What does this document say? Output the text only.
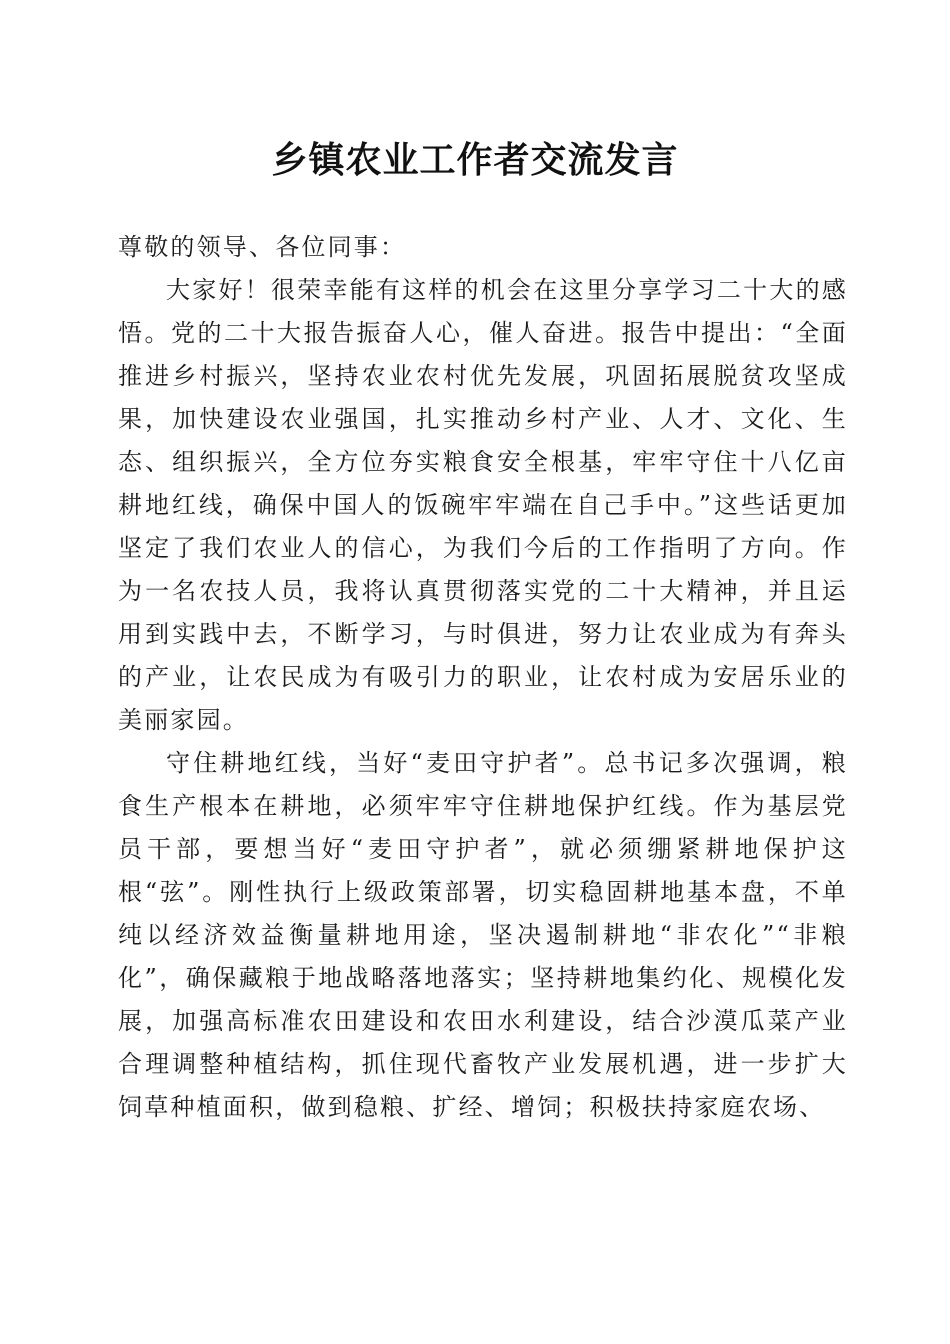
乡镇农业工作者交流发言

尊敬的领导、各位同事：

大家好！很荣幸能有这样的机会在这里分享学习二十大的感悟。党的二十大报告振奋人心，催人奋进。报告中提出：“全面推进乡村振兴，坚持农业农村优先发展，巩固拓展脱贫攻坚成果，加快建设农业强国，扎实推动乡村产业、人才、文化、生态、组织振兴，全方位夯实粮食安全根基，牢牢守住十八亿亩耕地红线，确保中国人的饭碗牢牢端在自己手中。”这些话更加坚定了我们农业人的信心，为我们今后的工作指明了方向。作为一名农技人员，我将认真贯彻落实党的二十大精神，并且运用到实践中去，不断学习，与时俱进，努力让农业成为有奔头的产业，让农民成为有吸引力的职业，让农村成为安居乐业的美丽家园。

守住耕地红线，当好“麦田守护者”。总书记多次强调，粮食生产根本在耕地，必须牢牢守住耕地保护红线。作为基层党员干部，要想当好“麦田守护者”，就必须绷紧耕地保护这根“弦”。刚性执行上级政策部署，切实稳固耕地基本盘，不单纯以经济效益衡量耕地用途，坚决遏制耕地“非农化”“非粮化”，确保藏粮于地战略落地落实；坚持耕地集约化、规模化发展，加强高标准农田建设和农田水利建设，结合沙漠瓜菜产业合理调整种植结构，抓住现代畜牧产业发展机遇，进一步扩大饲草种植面积，做到稳粮、扩经、增饲；积极扶持家庭农场、
